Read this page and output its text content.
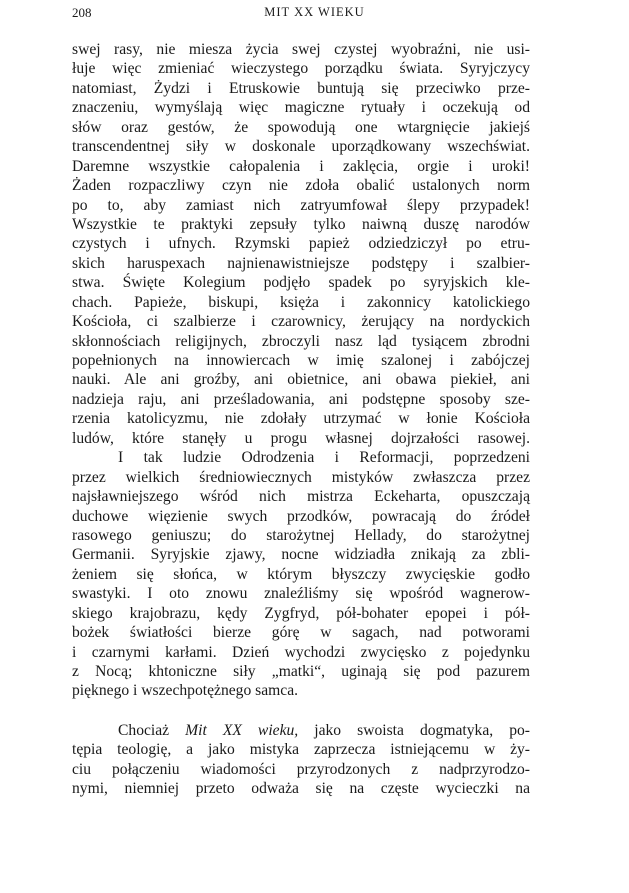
208	MIT XX WIEKU
swej rasy, nie miesza życia swej czystej wyobraźni, nie usi-
łuje więc zmieniać wieczystego porządku świata. Syryjczycy
natomiast, Żydzi i Etruskowie buntują się przeciwko prze-
znaczeniu, wymyślają więc magiczne rytuały i oczekują od
słów oraz gestów, że spowodują one wtargnięcie jakiejś
transcendentnej siły w doskonale uporządkowany wszechświat.
Daremne wszystkie całopalenia i zaklęcia, orgie i uroki!
Żaden rozpaczliwy czyn nie zdoła obalić ustalonych norm
po to, aby zamiast nich zatryumfował ślepy przypadek!
Wszystkie te praktyki zepsuły tylko naiwną duszę narodów
czystych i ufnych. Rzymski papież odziedziczył po etru-
skich haruspexach najnienawistniejsze podstępy i szalbier-
stwa. Święte Kolegium podjęło spadek po syryjskich kle-
chach. Papieże, biskupi, księża i zakonnicy katolickiego
Kościoła, ci szalbierze i czarownicy, żerujący na nordyckich
skłonnościach religijnych, zbroczyli nasz ląd tysiącem zbrodni
popełnionych na innowiercach w imię szalonej i zabójczej
nauki. Ale ani groźby, ani obietnice, ani obawa piekieł, ani
nadzieja raju, ani prześladowania, ani podstępne sposoby sze-
rzenia katolicyzmu, nie zdołały utrzymać w łonie Kościoła
ludów, które stanęły u progu własnej dojrzałości rasowej.
I tak ludzie Odrodzenia i Reformacji, poprzedzeni
przez wielkich średniowiecznych mistyków zwłaszcza przez
najsławniejszego wśród nich mistrza Eckeharta, opuszczają
duchowe więzienie swych przodków, powracają do źródeł
rasowego geniuszu; do starożytnej Hellady, do starożytnej
Germanii. Syryjskie zjawy, nocne widziadła znikają za zbli-
żeniem się słońca, w którym błyszczy zwycięskie godło
swastyki. I oto znowu znaleźliśmy się wpośród wagnerow-
skiego krajobrazu, kędy Zygfryd, pół-bohater epopei i pół-
bożek światłości bierze górę w sagach, nad potworami
i czarnymi karłami. Dzień wychodzi zwycięsko z pojedynku
z Nocą; khtoniczne siły „matki“, uginają się pod pazurem
pięknego i wszechpotężnego samca.
Chociaż Mit XX wieku, jako swoista dogmatyka, po-
tępia teologię, a jako mistyka zaprzecza istniejącemu w ży-
ciu połączeniu wiadomości przyrodzonych z nadprzyrodzo-
nymi, niemniej przeto odważa się na częste wycieczki na
